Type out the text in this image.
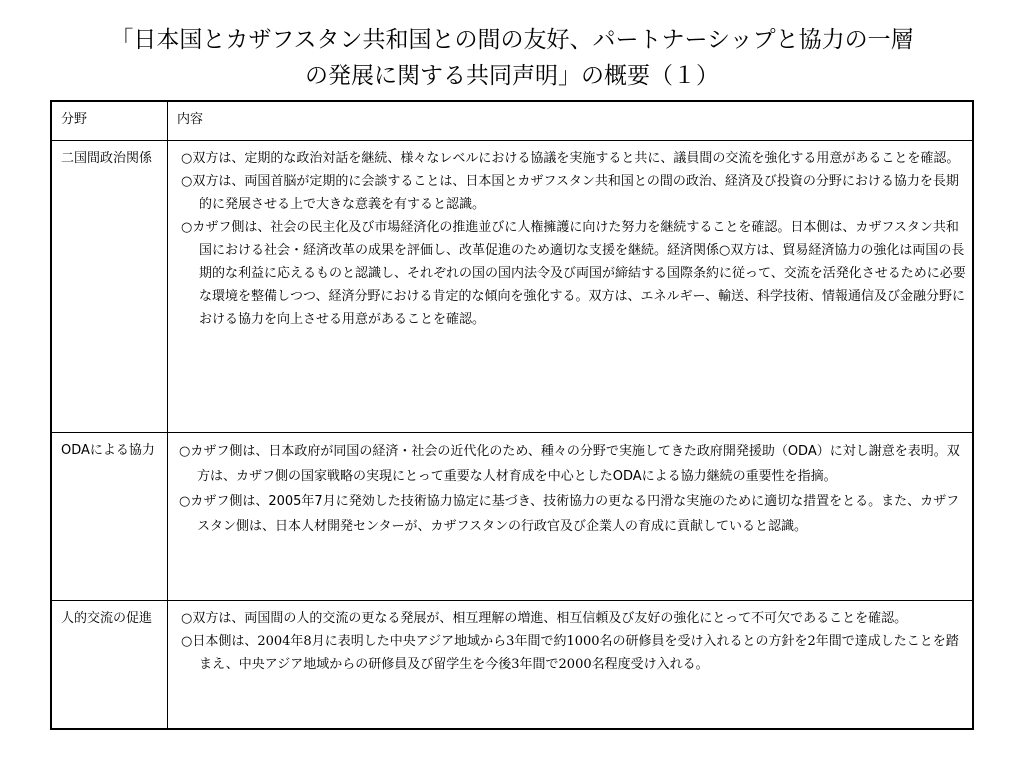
「日本国とカザフスタン共和国との間の友好、パートナーシップと協力の一層
の発展に関する共同声明」の概要（１）
分野	内容
二国間政治関係	○双方は、定期的な政治対話を継続、様々なレベルにおける協議を実施すると共に、議員間の交流を強化する用意があることを確認。
○双方は、両国首脳が定期的に会談することは、日本国とカザフスタン共和国との間の政治、経済及び投資の分野における協力を長期的に発展させる上で大きな意義を有すると認識。
○カザフ側は、社会の民主化及び市場経済化の推進並びに人権擁護に向けた努力を継続することを確認。日本側は、カザフスタン共和国における社会・経済改革の成果を評価し、改革促進のため適切な支援を継続。経済関係○双方は、貿易経済協力の強化は両国の長期的な利益に応えるものと認識し、それぞれの国の国内法令及び両国が締結する国際条約に従って、交流を活発化させるために必要な環境を整備しつつ、経済分野における肯定的な傾向を強化する。双方は、エネルギー、輸送、科学技術、情報通信及び金融分野における協力を向上させる用意があることを確認。

ODAによる協力	○カザフ側は、日本政府が同国の経済・社会の近代化のため、種々の分野で実施してきた政府開発援助（ODA）に対し謝意を表明。双方は、カザフ側の国家戦略の実現にとって重要な人材育成を中心としたODAによる協力継続の重要性を指摘。
○カザフ側は、2005年7月に発効した技術協力協定に基づき、技術協力の更なる円滑な実施のために適切な措置をとる。また、カザフスタン側は、日本人材開発センターが、カザフスタンの行政官及び企業人の育成に貢献していると認識。

人的交流の促進	○双方は、両国間の人的交流の更なる発展が、相互理解の増進、相互信頼及び友好の強化にとって不可欠であることを確認。
○日本側は、2004年8月に表明した中央アジア地域から3年間で約1000名の研修員を受け入れるとの方針を2年間で達成したことを踏まえ、中央アジア地域からの研修員及び留学生を今後3年間で2000名程度受け入れる。
